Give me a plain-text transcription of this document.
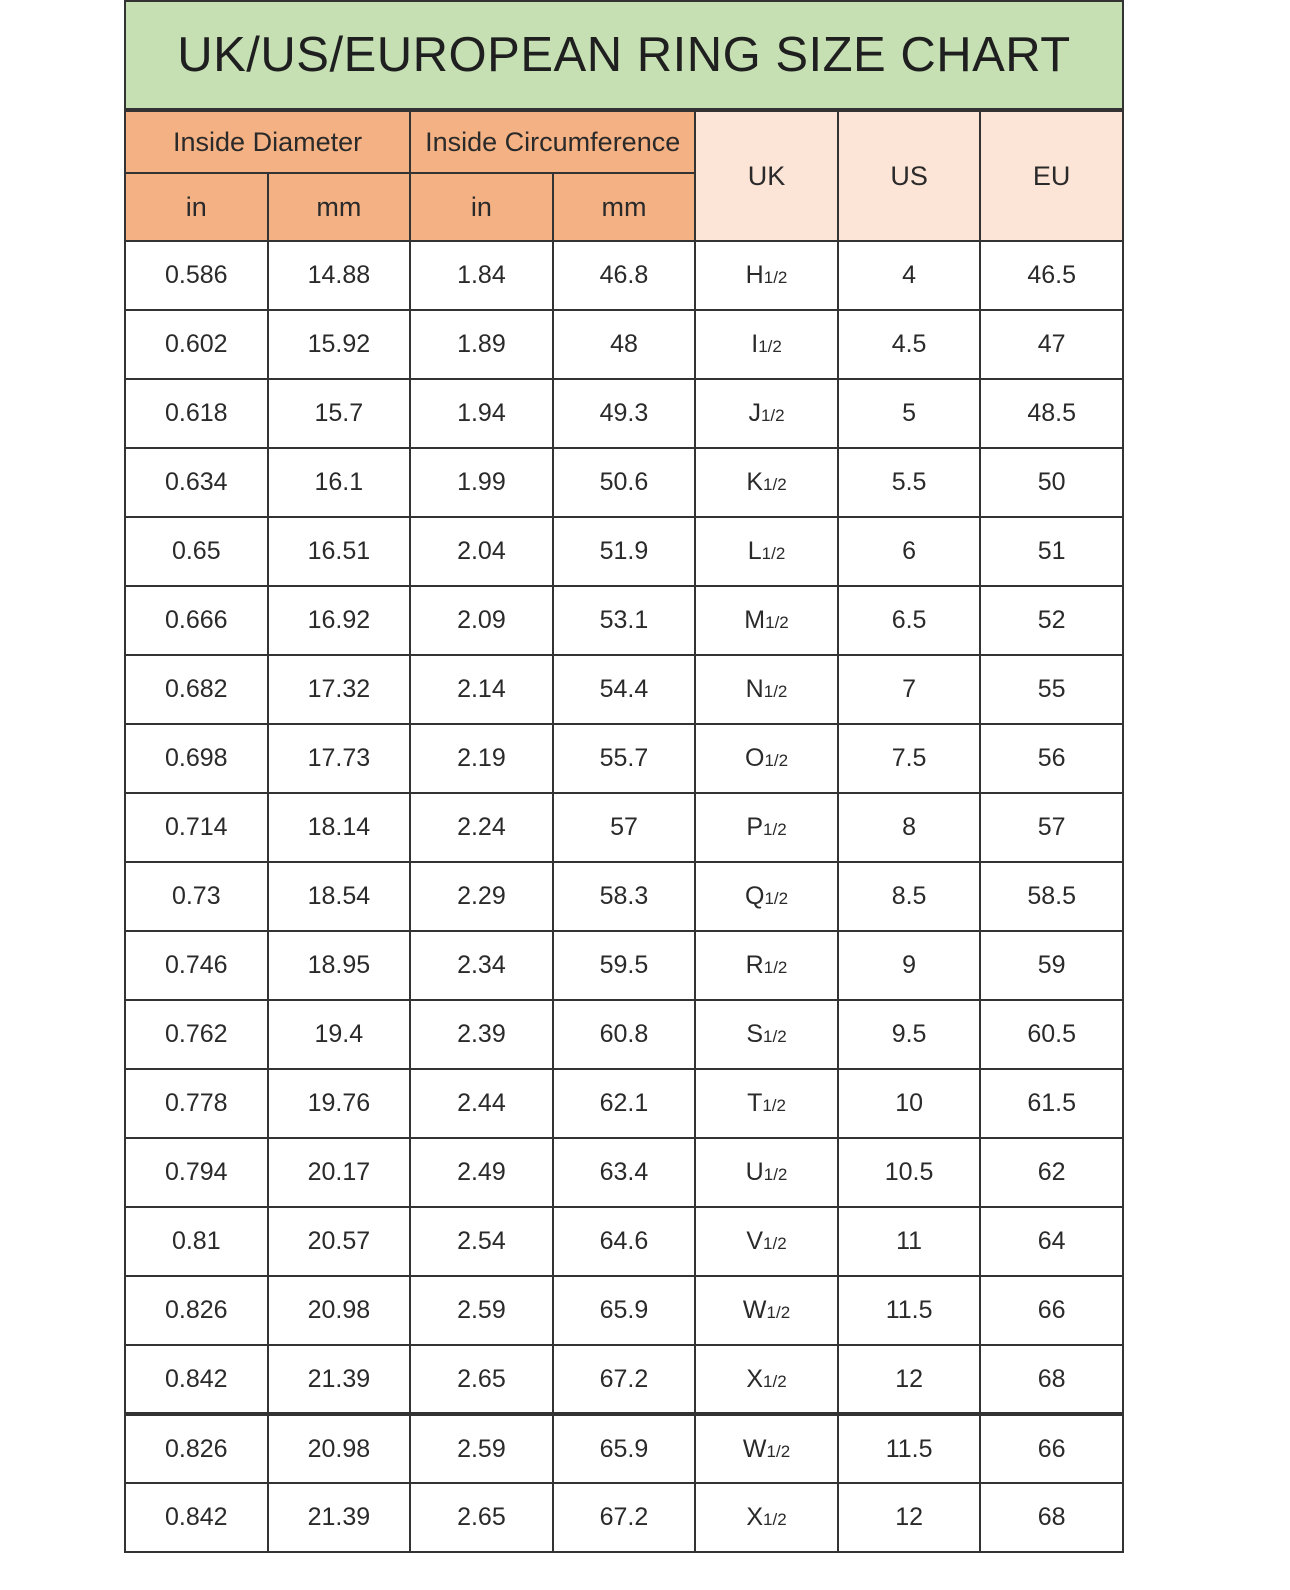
UK/US/EUROPEAN RING SIZE CHART
Inside Diameter		Inside Circumference		UK	US	EU
in	mm	in	mm			
0.586	14.88	1.84	46.8	H1/2	4	46.5
0.602	15.92	1.89	48	I1/2	4.5	47
0.618	15.7	1.94	49.3	J1/2	5	48.5
0.634	16.1	1.99	50.6	K1/2	5.5	50
0.65	16.51	2.04	51.9	L1/2	6	51
0.666	16.92	2.09	53.1	M1/2	6.5	52
0.682	17.32	2.14	54.4	N1/2	7	55
0.698	17.73	2.19	55.7	O1/2	7.5	56
0.714	18.14	2.24	57	P1/2	8	57
0.73	18.54	2.29	58.3	Q1/2	8.5	58.5
0.746	18.95	2.34	59.5	R1/2	9	59
0.762	19.4	2.39	60.8	S1/2	9.5	60.5
0.778	19.76	2.44	62.1	T1/2	10	61.5
0.794	20.17	2.49	63.4	U1/2	10.5	62
0.81	20.57	2.54	64.6	V1/2	11	64
0.826	20.98	2.59	65.9	W1/2	11.5	66
0.842	21.39	2.65	67.2	X1/2	12	68
0.826	20.98	2.59	65.9	W1/2	11.5	66
0.842	21.39	2.65	67.2	X1/2	12	68
